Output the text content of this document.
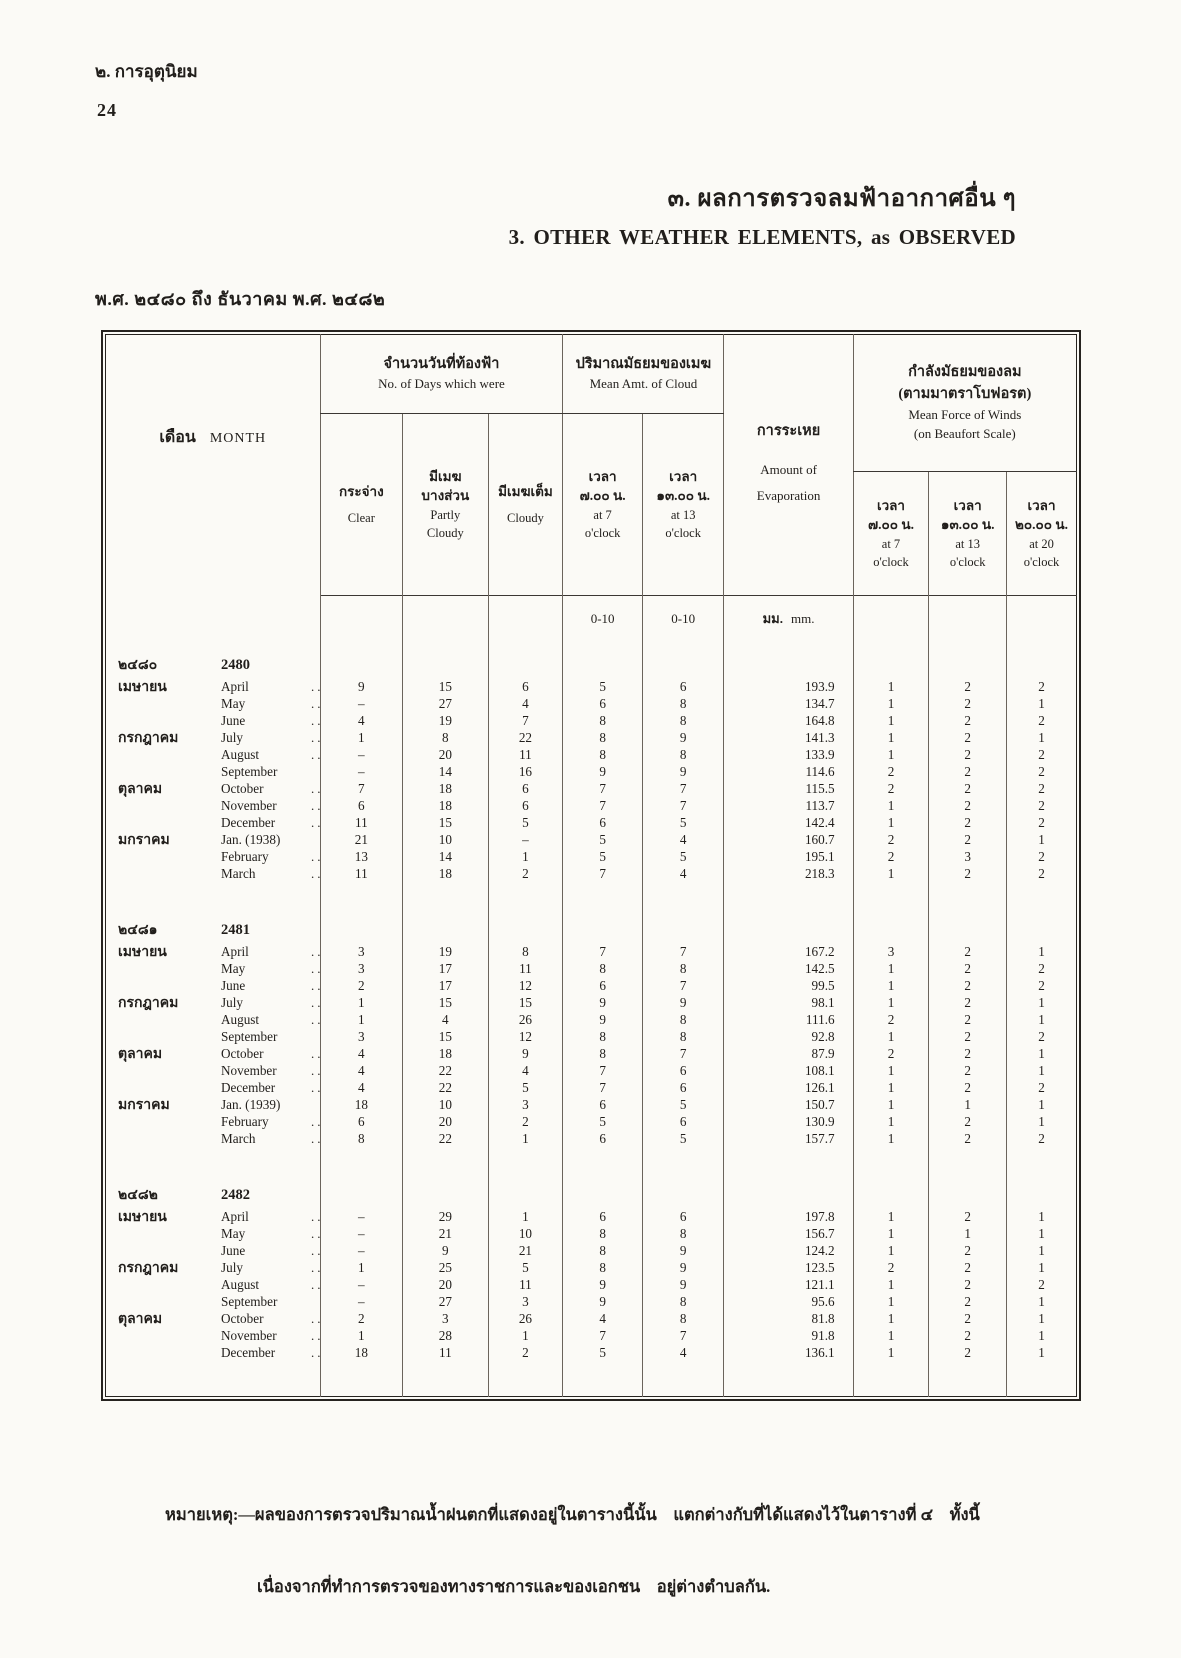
๒. การอุตุนิยม
24
๓. ผลการตรวจลมฟ้าอากาศอื่น ๆ
3. OTHER WEATHER ELEMENTS, as OBSERVED
พ.ศ. ๒๔๘๐ ถึง ธันวาคม พ.ศ. ๒๔๘๒
เดือน MONTH

จำนวนวันที่ท้องฟ้า
No. of Days which were

ปริมาณมัธยมของเมฆ
Mean Amt. of Cloud

การระเหย
Amount of
Evaporation

กำลังมัธยมของลม
(ตามมาตราโบฟอรต)
Mean Force of Winds
(on Beaufort Scale)

กระจ่าง
Clear

มีเมฆ
บางส่วน
Partly
Cloudy

มีเมฆเต็ม
Cloudy

เวลา
๗.๐๐ น.
at 7
o'clock

เวลา
๑๓.๐๐ น.
at 13
o'clock

เวลา
๗.๐๐ น.
at 7
o'clock

เวลา
๑๓.๐๐ น.
at 13
o'clock

เวลา
๒๐.๐๐ น.
at 20
o'clock

				0-10	0-10	มม. mm.			

๒๔๘๐ 2480									

เมษายน April ..	9	15	6	5	6	193.9	1	2	2

May ..	–	27	4	6	8	134.7	1	2	1

June ..	4	19	7	8	8	164.8	1	2	2

กรกฎาคม July ..	1	8	22	8	9	141.3	1	2	1

August ..	–	20	11	8	8	133.9	1	2	2

September	–	14	16	9	9	114.6	2	2	2

ตุลาคม October ..	7	18	6	7	7	115.5	2	2	2

November ..	6	18	6	7	7	113.7	1	2	2

December ..	11	15	5	6	5	142.4	1	2	2

มกราคม Jan. (1938)	21	10	–	5	4	160.7	2	2	1

February ..	13	14	1	5	5	195.1	2	3	2

March ..	11	18	2	7	4	218.3	1	2	2

๒๔๘๑ 2481									

เมษายน April ..	3	19	8	7	7	167.2	3	2	1

May ..	3	17	11	8	8	142.5	1	2	2

June ..	2	17	12	6	7	99.5	1	2	2

กรกฎาคม July ..	1	15	15	9	9	98.1	1	2	1

August ..	1	4	26	9	8	111.6	2	2	1

September	3	15	12	8	8	92.8	1	2	2

ตุลาคม October ..	4	18	9	8	7	87.9	2	2	1

November ..	4	22	4	7	6	108.1	1	2	1

December ..	4	22	5	7	6	126.1	1	2	2

มกราคม Jan. (1939)	18	10	3	6	5	150.7	1	1	1

February ..	6	20	2	5	6	130.9	1	2	1

March ..	8	22	1	6	5	157.7	1	2	2

๒๔๘๒ 2482									

เมษายน April ..	–	29	1	6	6	197.8	1	2	1

May ..	–	21	10	8	8	156.7	1	1	1

June ..	–	9	21	8	9	124.2	1	2	1

กรกฎาคม July ..	1	25	5	8	9	123.5	2	2	1

August ..	–	20	11	9	9	121.1	1	2	2

September	–	27	3	9	8	95.6	1	2	1

ตุลาคม October ..	2	3	26	4	8	81.8	1	2	1

November ..	1	28	1	7	7	91.8	1	2	1

December ..	18	11	2	5	4	136.1	1	2	1

หมายเหตุ:—ผลของการตรวจปริมาณน้ำฝนตกที่แสดงอยู่ในตารางนี้นั้น    แตกต่างกับที่ได้แสดงไว้ในตารางที่ ๔    ทั้งนี้

เนื่องจากที่ทำการตรวจของทางราชการและของเอกชน    อยู่ต่างตำบลกัน.
